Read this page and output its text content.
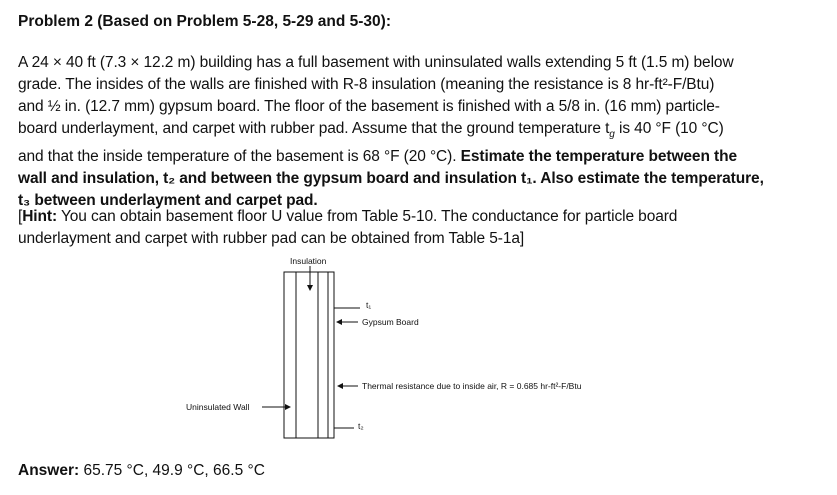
Problem 2 (Based on Problem 5-28, 5-29 and 5-30):
A 24 × 40 ft (7.3 × 12.2 m) building has a full basement with uninsulated walls extending 5 ft (1.5 m) below
grade. The insides of the walls are finished with R-8 insulation (meaning the resistance is 8 hr-ft²-F/Btu)
and ½ in. (12.7 mm) gypsum board. The floor of the basement is finished with a 5/8 in. (16 mm) particle-
board underlayment, and carpet with rubber pad. Assume that the ground temperature $t_g$ is 40 °F (10 °C)
and that the inside temperature of the basement is 68 °F (20 °C). Estimate the temperature between the
wall and insulation, t₂ and between the gypsum board and insulation t₁. Also estimate the temperature,
t₃ between underlayment and carpet pad.
[Hint: You can obtain basement floor U value from Table 5-10. The conductance for particle board
underlayment and carpet with rubber pad can be obtained from Table 5-1a]
Insulation
t₁
Gypsum Board
Thermal resistance due to inside air, R = 0.685 hr-ft²-F/Btu
Uninsulated Wall
t₂
Answer: 65.75 °C, 49.9 °C, 66.5 °C
